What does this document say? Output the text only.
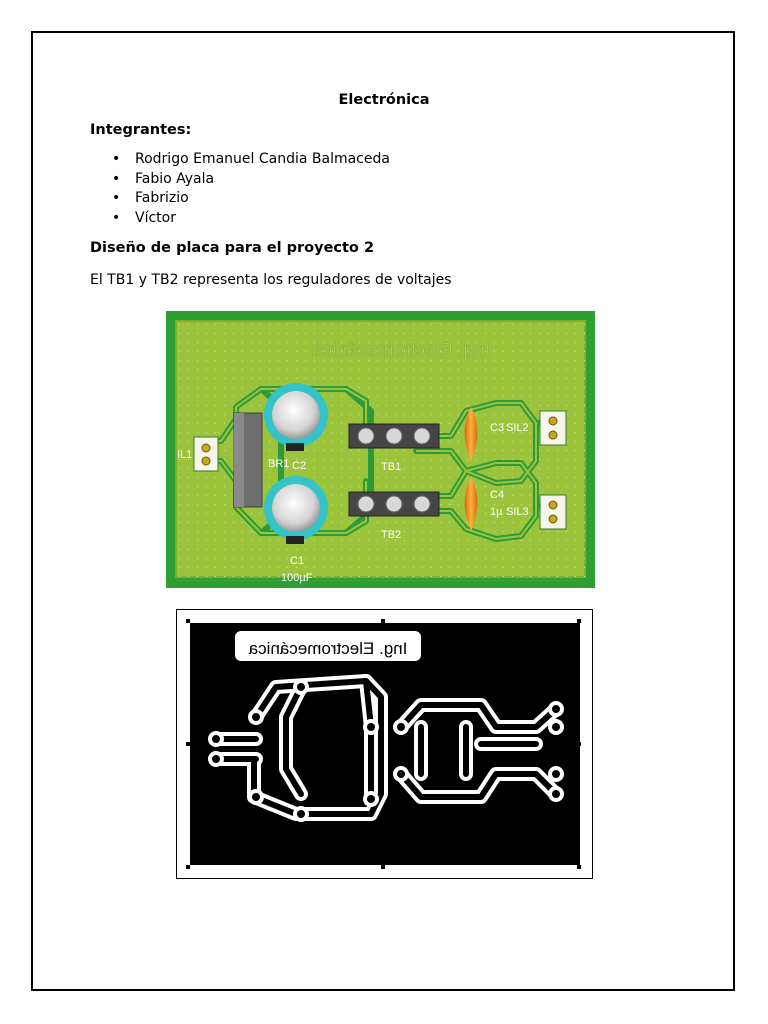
Electrónica
Integrantes:
• Rodrigo Emanuel Candia Balmaceda
• Fabio Ayala
• Fabrizio
• Víctor
Diseño de placa para el proyecto 2
El TB1 y TB2 representa los reguladores de voltajes
Ing. Electromecánica
IL1
BR1 C2
C1
100µF
TB1
TB2
C3
C4
1µ
SIL2
SIL3
Ing. Electromecánica
